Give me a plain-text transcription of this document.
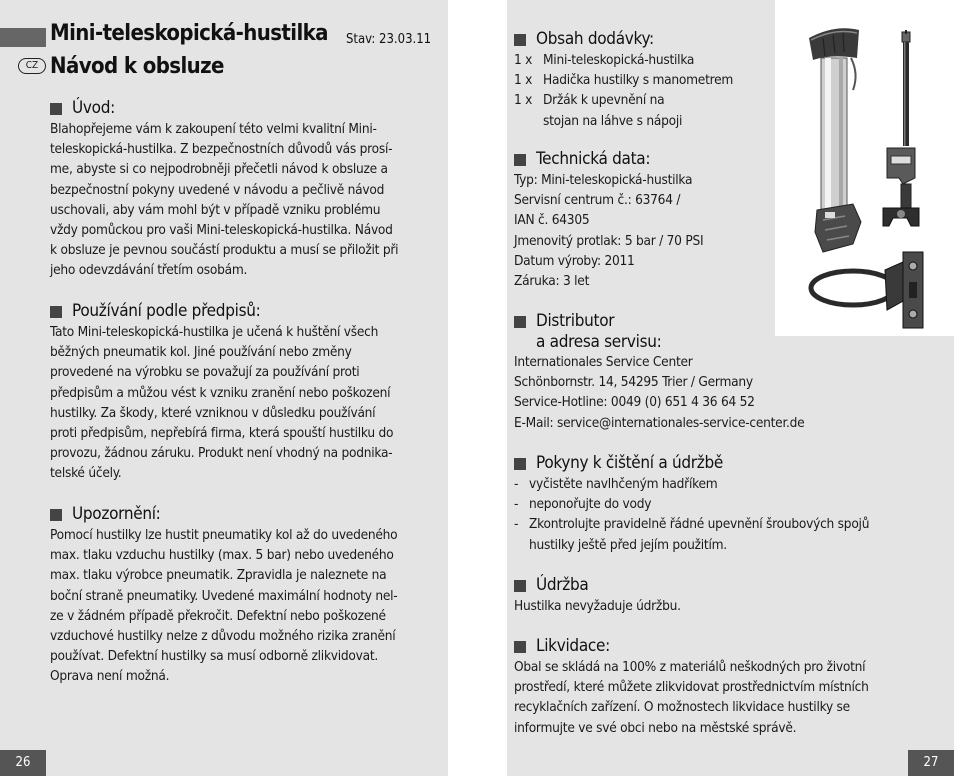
Mini-teleskopická-hustilka Stav: 23.03.11
CZ Návod k obsluze
Úvod:
Blahopřejeme vám k zakoupení této velmi kvalitní Mini-
teleskopická-hustilka. Z bezpečnostních důvodů vás prosí-
me, abyste si co nejpodrobněji přečetli návod k obsluze a
bezpečnostní pokyny uvedené v návodu a pečlivě návod
uschovali, aby vám mohl být v případě vzniku problému
vždy pomůckou pro vaši Mini-teleskopická-hustilka. Návod
k obsluze je pevnou součástí produktu a musí se přiložit při
jeho odevzdávání třetím osobám.
Používání podle předpisů:
Tato Mini-teleskopická-hustilka je učená k huštění všech
běžných pneumatik kol. Jiné používání nebo změny
provedené na výrobku se považují za používání proti
předpisům a můžou vést k vzniku zranění nebo poškození
hustilky. Za škody, které vzniknou v důsledku používání
proti předpisům, nepřebírá firma, která spouští hustilku do
provozu, žádnou záruku. Produkt není vhodný na podnika-
telské účely.
Upozornění:
Pomocí hustilky lze hustit pneumatiky kol až do uvedeného
max. tlaku vzduchu hustilky (max. 5 bar) nebo uvedeného
max. tlaku výrobce pneumatik. Zpravidla je naleznete na
boční straně pneumatiky. Uvedené maximální hodnoty nel-
ze v žádném případě překročit. Defektní nebo poškozené
vzduchové hustilky nelze z důvodu možného rizika zranění
používat. Defektní hustilky sa musí odborně zlikvidovat.
Oprava není možná.
26
Obsah dodávky:
1 x Mini-teleskopická-hustilka
1 x Hadička hustilky s manometrem
1 x Držák k upevnění na
stojan na láhve s nápoji
Technická data:
Typ: Mini-teleskopická-hustilka
Servisní centrum č.: 63764 /
IAN č. 64305
Jmenovitý protlak: 5 bar / 70 PSI
Datum výroby: 2011
Záruka: 3 let
Distributor
a adresa servisu:
Internationales Service Center
Schönbornstr. 14, 54295 Trier / Germany
Service-Hotline: 0049 (0) 651 4 36 64 52
E-Mail: service@internationales-service-center.de
Pokyny k čištění a údržbě
- vyčistěte navlhčeným hadříkem
- neponořujte do vody
- Zkontrolujte pravidelně řádné upevnění šroubových spojů
hustilky ještě před jejím použitím.
Údržba
Hustilka nevyžaduje údržbu.
Likvidace:
Obal se skládá na 100% z materiálů neškodných pro životní
prostředí, které můžete zlikvidovat prostřednictvím místních
recyklačních zařízení. O možnostech likvidace hustilky se
informujte ve své obci nebo na městské správě.
27
